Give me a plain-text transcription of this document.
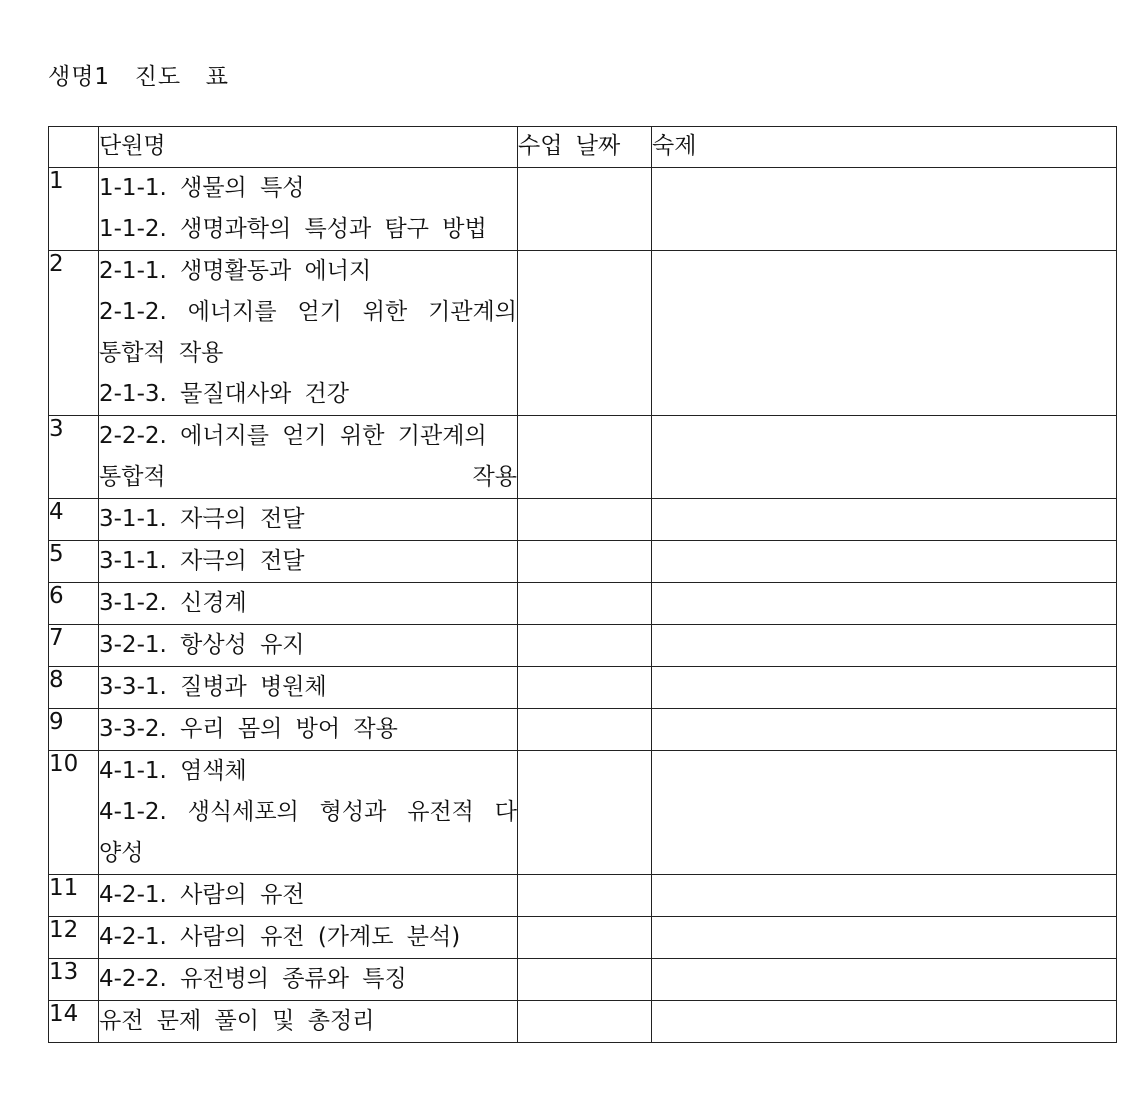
생명1  진도  표
	단원명	수업 날짜	숙제
1	1-1-1. 생물의 특성
1-1-2. 생명과학의 특성과 탐구 방법		

2	2-1-1. 생명활동과 에너지
2-1-2. 에너지를 얻기 위한 기관계의
통합적 작용
2-1-3. 물질대사와 건강		

3	2-2-2. 에너지를 얻기 위한 기관계의
통합적 작용		

4	3-1-1. 자극의 전달		

5	3-1-1. 자극의 전달		

6	3-1-2. 신경계		

7	3-2-1. 항상성 유지		

8	3-3-1. 질병과 병원체		

9	3-3-2. 우리 몸의 방어 작용		

10	4-1-1. 염색체
4-1-2. 생식세포의 형성과 유전적 다
양성		

11	4-2-1. 사람의 유전		

12	4-2-1. 사람의 유전 (가계도 분석)		

13	4-2-2. 유전병의 종류와 특징		

14	유전 문제 풀이 및 총정리		
